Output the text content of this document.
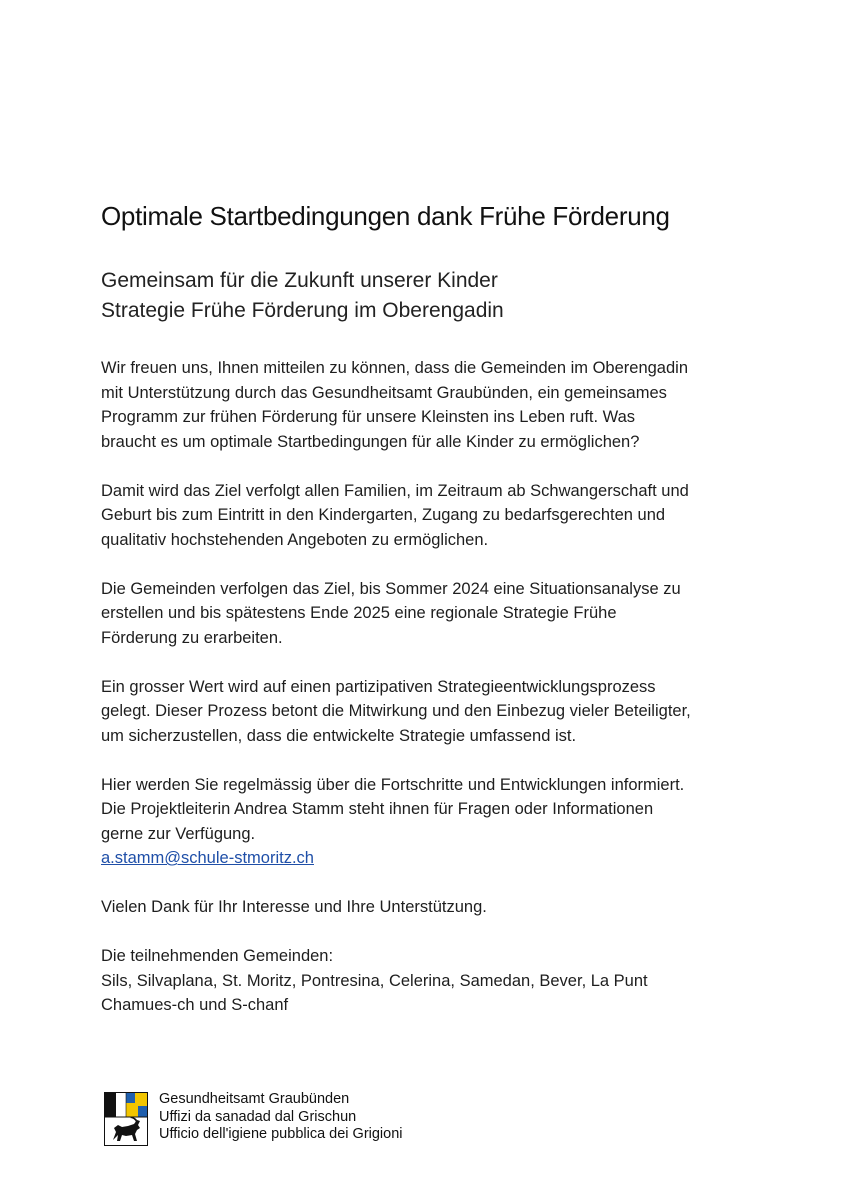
Optimale Startbedingungen dank Frühe Förderung
Gemeinsam für die Zukunft unserer Kinder
Strategie Frühe Förderung im Oberengadin
Wir freuen uns, Ihnen mitteilen zu können, dass die Gemeinden im Oberengadin
mit Unterstützung durch das Gesundheitsamt Graubünden, ein gemeinsames
Programm zur frühen Förderung für unsere Kleinsten ins Leben ruft. Was
braucht es um optimale Startbedingungen für alle Kinder zu ermöglichen?
Damit wird das Ziel verfolgt allen Familien, im Zeitraum ab Schwangerschaft und
Geburt bis zum Eintritt in den Kindergarten, Zugang zu bedarfsgerechten und
qualitativ hochstehenden Angeboten zu ermöglichen.
Die Gemeinden verfolgen das Ziel, bis Sommer 2024 eine Situationsanalyse zu
erstellen und bis spätestens Ende 2025 eine regionale Strategie Frühe
Förderung zu erarbeiten.
Ein grosser Wert wird auf einen partizipativen Strategieentwicklungsprozess
gelegt. Dieser Prozess betont die Mitwirkung und den Einbezug vieler Beteiligter,
um sicherzustellen, dass die entwickelte Strategie umfassend ist.
Hier werden Sie regelmässig über die Fortschritte und Entwicklungen informiert.
Die Projektleiterin Andrea Stamm steht ihnen für Fragen oder Informationen
gerne zur Verfügung.
a.stamm@schule-stmoritz.ch
Vielen Dank für Ihr Interesse und Ihre Unterstützung.
Die teilnehmenden Gemeinden:
Sils, Silvaplana, St. Moritz, Pontresina, Celerina, Samedan, Bever, La Punt
Chamues-ch und S-chanf
Gesundheitsamt Graubünden
Uffizi da sanadad dal Grischun
Ufficio dell'igiene pubblica dei Grigioni
